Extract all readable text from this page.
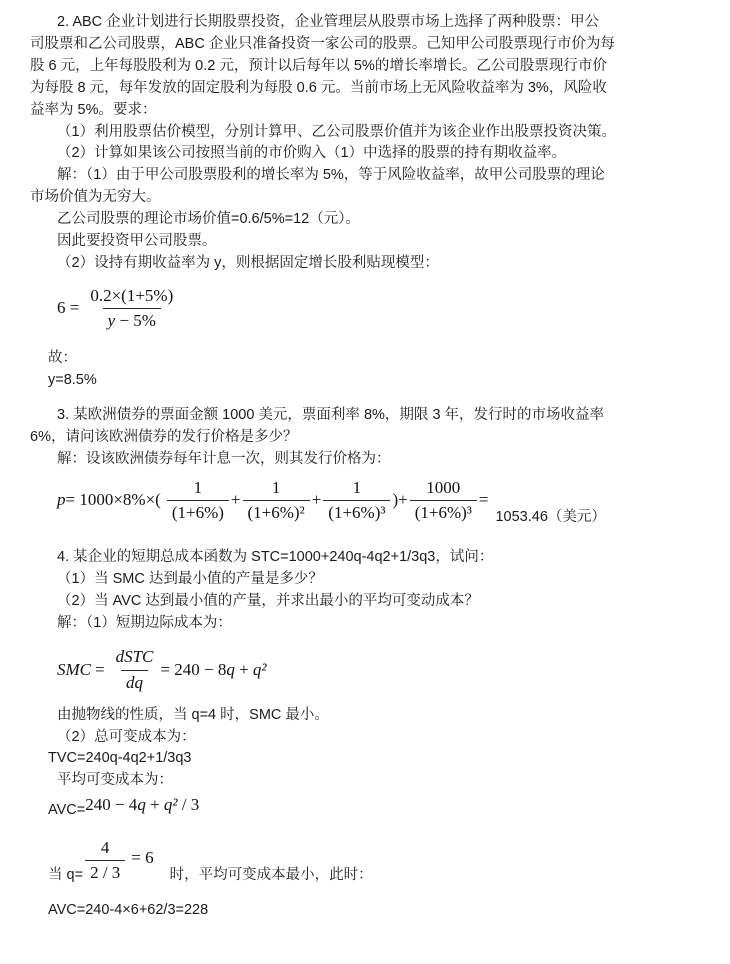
2. ABC 企业计划进行长期股票投资，企业管理层从股票市场上选择了两种股票：甲公
司股票和乙公司股票，ABC 企业只准备投资一家公司的股票。己知甲公司股票现行市价为每
股 6 元，上年每股股利为 0.2 元，预计以后每年以 5%的增长率增长。乙公司股票现行市价
为每股 8 元，每年发放的固定股利为每股 0.6 元。当前市场上无风险收益率为 3%，风险收
益率为 5%。要求：
（1）利用股票估价模型，分别计算甲、乙公司股票价值并为该企业作出股票投资决策。
（2）计算如果该公司按照当前的市价购入（1）中选择的股票的持有期收益率。
解：（1）由于甲公司股票股利的增长率为 5%，等于风险收益率，故甲公司股票的理论
市场价值为无穷大。
乙公司股票的理论市场价值=0.6/5%=12（元）。
因此要投资甲公司股票。
（2）设持有期收益率为 y，则根据固定增长股利贴现模型：
$6 = \frac{0.2\times(1+5\%)}{y - 5\%}$
故：
y=8.5%
3. 某欧洲债券的票面金额 1000 美元，票面利率 8%，期限 3 年，发行时的市场收益率
6%，请问该欧洲债券的发行价格是多少？
解：设该欧洲债券每年计息一次，则其发行价格为：
$p = 1000\times 8\%\times( \frac{1}{(1+6\%)} + \frac{1}{\text{(1+6\%)²}} + \frac{1}{\text{(1+6\%)³}}$ )+ $\frac{1000}{\text{(1+6\%)³}}$ =
1053.46（美元）
4. 某企业的短期总成本函数为 STC=1000+240q-4q2+1/3q3，试问：
（1）当 SMC 达到最小值的产量是多少？
（2）当 AVC 达到最小值的产量，并求出最小的平均可变动成本？
解：（1）短期边际成本为：
SMC = $\frac{\text{dSTC}}{dq} = 240 - 8q + q^2$
由抛物线的性质，当 q=4 时，SMC 最小。
（2）总可变成本为：
TVC=240q-4q2+1/3q3
平均可变成本为：
AVC= 240 − 4q + q² / 3
当 $q= \frac{4}{2 / 3} = 6$
时，平均可变成本最小，此时：
AVC=240-4×6+62/3=228
